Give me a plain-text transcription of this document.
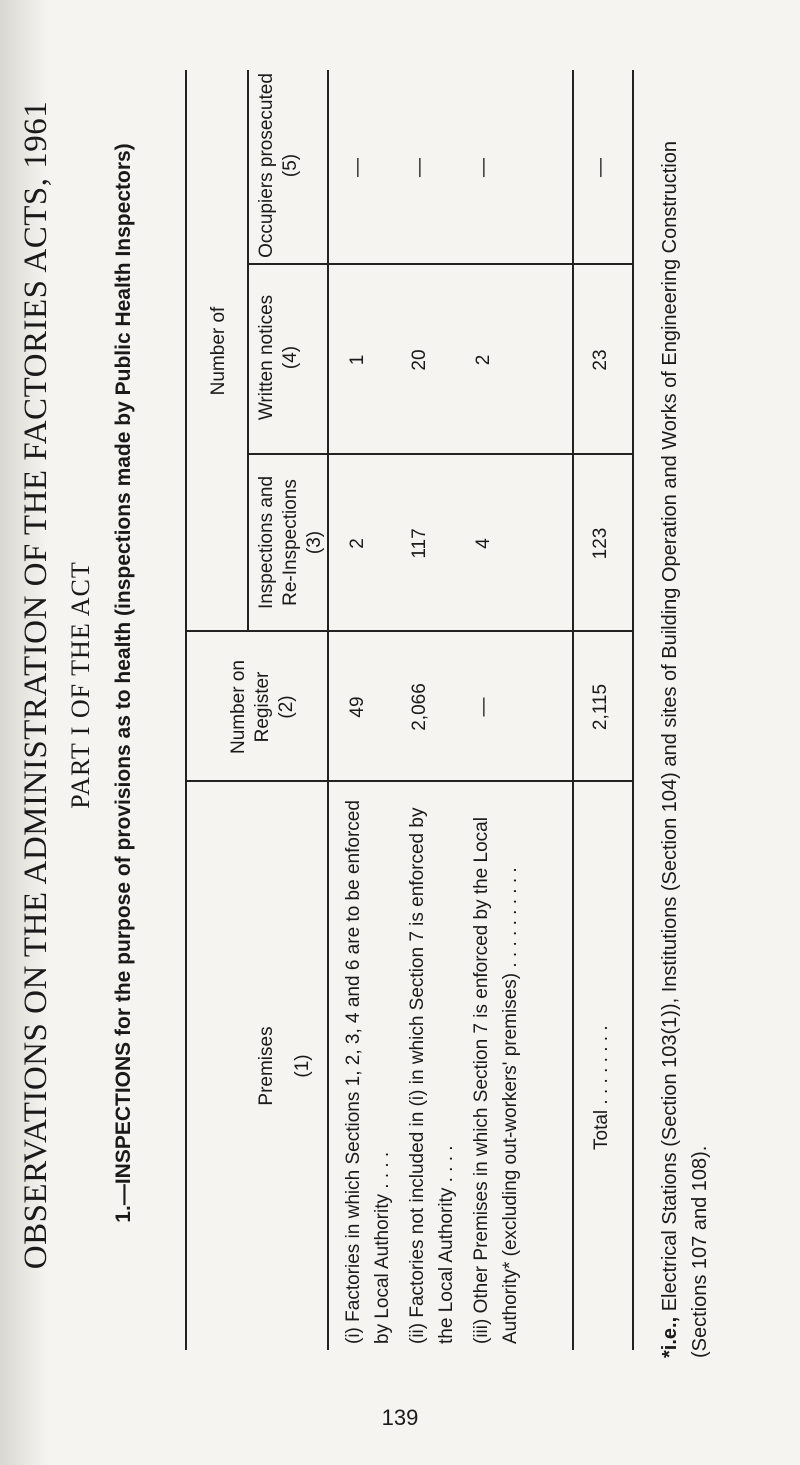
OBSERVATIONS ON THE ADMINISTRATION OF THE FACTORIES ACTS, 1961 PART I OF THE ACT 1.—INSPECTIONS for the purpose of provisions as to health (inspections made by Public Health Inspectors)	Number of
Premises (1)
Number on Register (2)
Inspections and Re-Inspections (3)
Written notices (4)
Occupiers prosecuted (5)
(i) Factories in which Sections 1, 2, 3, 4 and 6 are to be enforced by Local Authority . . . .
49
2
1
—
(ii) Factories not included in (i) in which Section 7 is enforced by the Local Authority . . . .
2,066
117
20
—
(iii) Other Premises in which Section 7 is enforced by the Local Authority* (excluding out-workers' premises) . . . . . . . . . .
—
4
2
—
Total . . . . . . . .
2,115
123
23
—
*i.e., Electrical Stations (Section 103(1)), Institutions (Section 104) and sites of Building Operation and Works of Engineering Construction (Sections 107 and 108).
139
